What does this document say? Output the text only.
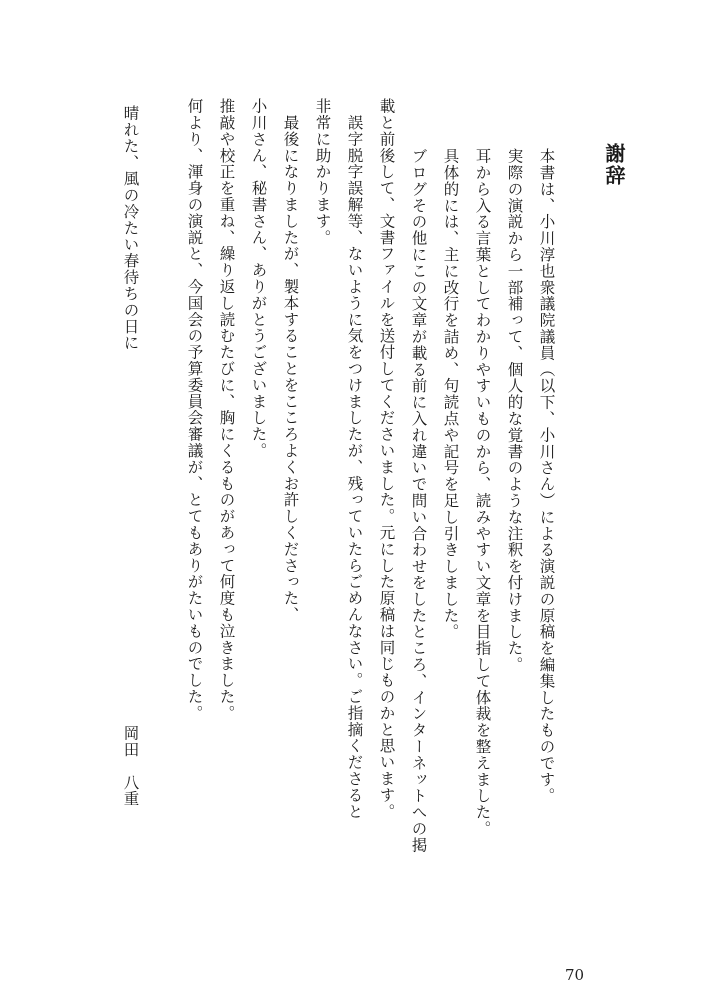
謝辞
本書は、小川淳也衆議院議員（以下、小川さん）による演説の原稿を編集したものです。
実際の演説から一部補って、個人的な覚書のような注釈を付けました。
耳から入る言葉としてわかりやすいものから、読みやすい文章を目指して体裁を整えました。
具体的には、主に改行を詰め、句読点や記号を足し引きしました。
ブログその他にこの文章が載る前に入れ違いで問い合わせをしたところ、インターネットへの掲
載と前後して、文書ファイルを送付してくださいました。元にした原稿は同じものかと思います。
　誤字脱字誤解等、ないように気をつけましたが、残っていたらごめんなさい。ご指摘くださると
非常に助かります。
　最後になりましたが、製本することをこころよくお許しくださった、
小川さん、秘書さん、ありがとうございました。
推敲や校正を重ね、繰り返し読むたびに、胸にくるものがあって何度も泣きました。
何より、渾身の演説と、今国会の予算委員会審議が、とてもありがたいものでした。
岡田　八重
晴れた、風の冷たい春待ちの日に
70
